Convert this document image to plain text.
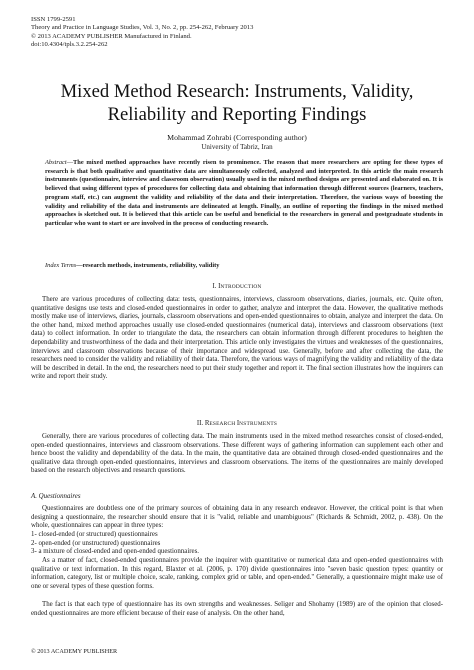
ISSN 1799-2591
Theory and Practice in Language Studies, Vol. 3, No. 2, pp. 254-262, February 2013
© 2013 ACADEMY PUBLISHER Manufactured in Finland.
doi:10.4304/tpls.3.2.254-262
Mixed Method Research: Instruments, Validity,
Reliability and Reporting Findings
Mohammad Zohrabi (Corresponding author)
University of Tabriz, Iran

Abstract—The mixed method approaches have recently risen to prominence. The reason that more researchers are opting for these types of research is that both qualitative and quantitative data are simultaneously collected, analyzed and interpreted. In this article the main research instruments (questionnaire, interview and classroom observation) usually used in the mixed method designs are presented and elaborated on. It is believed that using different types of procedures for collecting data and obtaining that information through different sources (learners, teachers, program staff, etc.) can augment the validity and reliability of the data and their interpretation. Therefore, the various ways of boosting the validity and reliability of the data and instruments are delineated at length. Finally, an outline of reporting the findings in the mixed method approaches is sketched out. It is believed that this article can be useful and beneficial to the researchers in general and postgraduate students in particular who want to start or are involved in the process of conducting research.

Index Terms—research methods, instruments, reliability, validity

I. INTRODUCTION

There are various procedures of collecting data: tests, questionnaires, interviews, classroom observations, diaries, journals, etc. Quite often, quantitative designs use tests and closed-ended questionnaires in order to gather, analyze and interpret the data. However, the qualitative methods mostly make use of interviews, diaries, journals, classroom observations and open-ended questionnaires to obtain, analyze and interpret the data. On the other hand, mixed method approaches usually use closed-ended questionnaires (numerical data), interviews and classroom observations (text data) to collect information. In order to triangulate the data, the researchers can obtain information through different procedures to heighten the dependability and trustworthiness of the dada and their interpretation. This article only investigates the virtues and weaknesses of the questionnaires, interviews and classroom observations because of their importance and widespread use. Generally, before and after collecting the data, the researchers need to consider the validity and reliability of their data. Therefore, the various ways of magnifying the validity and reliability of the data will be described in detail. In the end, the researchers need to put their study together and report it. The final section illustrates how the inquirers can write and report their study.

II. RESEARCH INSTRUMENTS

Generally, there are various procedures of collecting data. The main instruments used in the mixed method researches consist of closed-ended, open-ended questionnaires, interviews and classroom observations. These different ways of gathering information can supplement each other and hence boost the validity and dependability of the data. In the main, the quantitative data are obtained through closed-ended questionnaires and the qualitative data through open-ended questionnaires, interviews and classroom observations. The items of the questionnaires are mainly developed based on the research objectives and research questions.

A. Questionnaires

Questionnaires are doubtless one of the primary sources of obtaining data in any research endeavor. However, the critical point is that when designing a questionnaire, the researcher should ensure that it is "valid, reliable and unambiguous" (Richards & Schmidt, 2002, p. 438). On the whole, questionnaires can appear in three types:

1- closed-ended (or structured) questionnaires

2- open-ended (or unstructured) questionnaires

3- a mixture of closed-ended and open-ended questionnaires.

As a matter of fact, closed-ended questionnaires provide the inquirer with quantitative or numerical data and open-ended questionnaires with qualitative or text information. In this regard, Blaxter et al. (2006, p. 170) divide questionnaires into "seven basic question types: quantity or information, category, list or multiple choice, scale, ranking, complex grid or table, and open-ended." Generally, a questionnaire might make use of one or several types of these question forms.

The fact is that each type of questionnaire has its own strengths and weaknesses. Seliger and Shohamy (1989) are of the opinion that closed-ended questionnaires are more efficient because of their ease of analysis. On the other hand,

© 2013 ACADEMY PUBLISHER
